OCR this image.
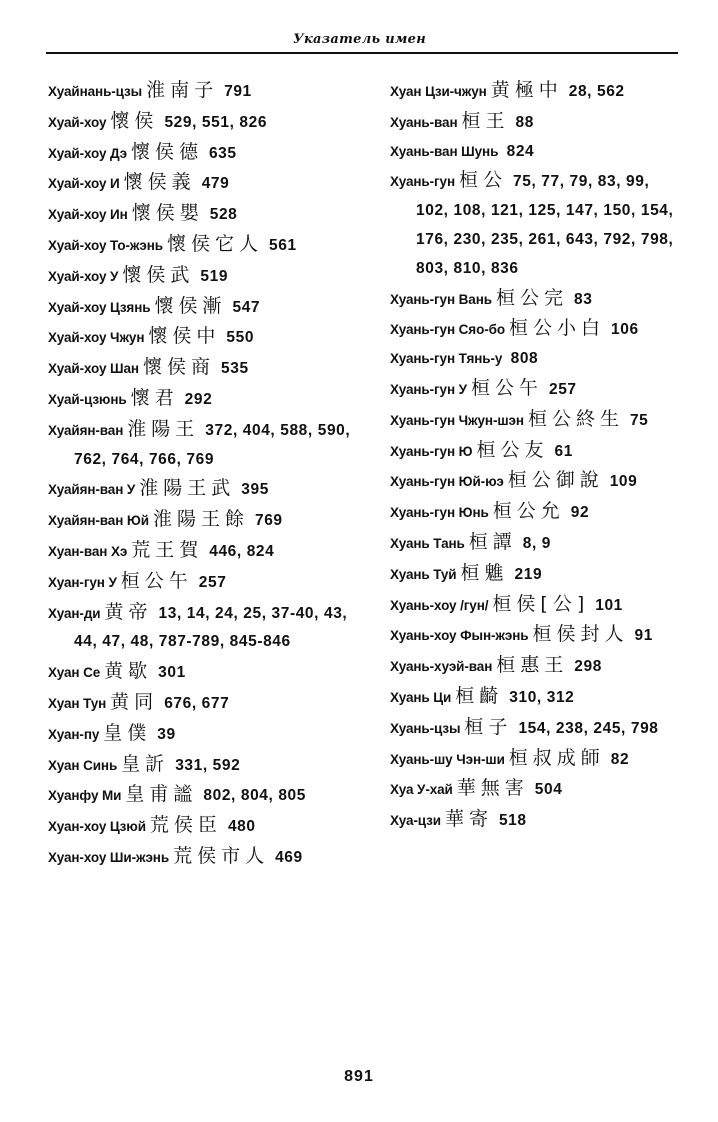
Указатель имен
Хуайнань-цзы 淮南子 791
Хуай-хоу 懷侯 529, 551, 826
Хуай-хоу Дэ 懷侯德 635
Хуай-хоу И 懷侯義 479
Хуай-хоу Ин 懷侯嬰 528
Хуай-хоу То-жэнь 懷侯它人 561
Хуай-хоу У 懷侯武 519
Хуай-хоу Цзянь 懷侯漸 547
Хуай-хоу Чжун 懷侯中 550
Хуай-хоу Шан 懷侯商 535
Хуай-цзюнь 懷君 292
Хуайян-ван 淮陽王 372, 404, 588, 590, 762, 764, 766, 769
Хуайян-ван У 淮陽王武 395
Хуайян-ван Юй 淮陽王餘 769
Хуан-ван Хэ 荒王賀 446, 824
Хуан-гун У 桓公午 257
Хуан-ди 黄帝 13, 14, 24, 25, 37-40, 43, 44, 47, 48, 787-789, 845-846
Хуан Се 黄歇 301
Хуан Тун 黄同 676, 677
Хуан-пу 皇僕 39
Хуан Синь 皇訢 331, 592
Хуанфу Ми 皇甫謐 802, 804, 805
Хуан-хоу Цзюй 荒侯臣 480
Хуан-хоу Ши-жэнь 荒侯市人 469
Хуан Цзи-чжун 黄極中 28, 562
Хуань-ван 桓王 88
Хуань-ван Шунь 824
Хуань-гун 桓公 75, 77, 79, 83, 99, 102, 108, 121, 125, 147, 150, 154, 176, 230, 235, 261, 643, 792, 798, 803, 810, 836
Хуань-гун Вань 桓公完 83
Хуань-гун Сяо-бо 桓公小白 106
Хуань-гун Тянь-у 808
Хуань-гун У 桓公午 257
Хуань-гун Чжун-шэн 桓公終生 75
Хуань-гун Ю 桓公友 61
Хуань-гун Юй-юэ 桓公御說 109
Хуань-гун Юнь 桓公允 92
Хуань Тань 桓譚 8, 9
Хуань Туй 桓魋 219
Хуань-хоу /гун/ 桓侯[公] 101
Хуань-хоу Фын-жэнь 桓侯封人 91
Хуань-хуэй-ван 桓惠王 298
Хуань Ци 桓齮 310, 312
Хуань-цзы 桓子 154, 238, 245, 798
Хуань-шу Чэн-ши 桓叔成師 82
Хуа У-хай 華無害 504
Хуа-цзи 華寄 518
891
